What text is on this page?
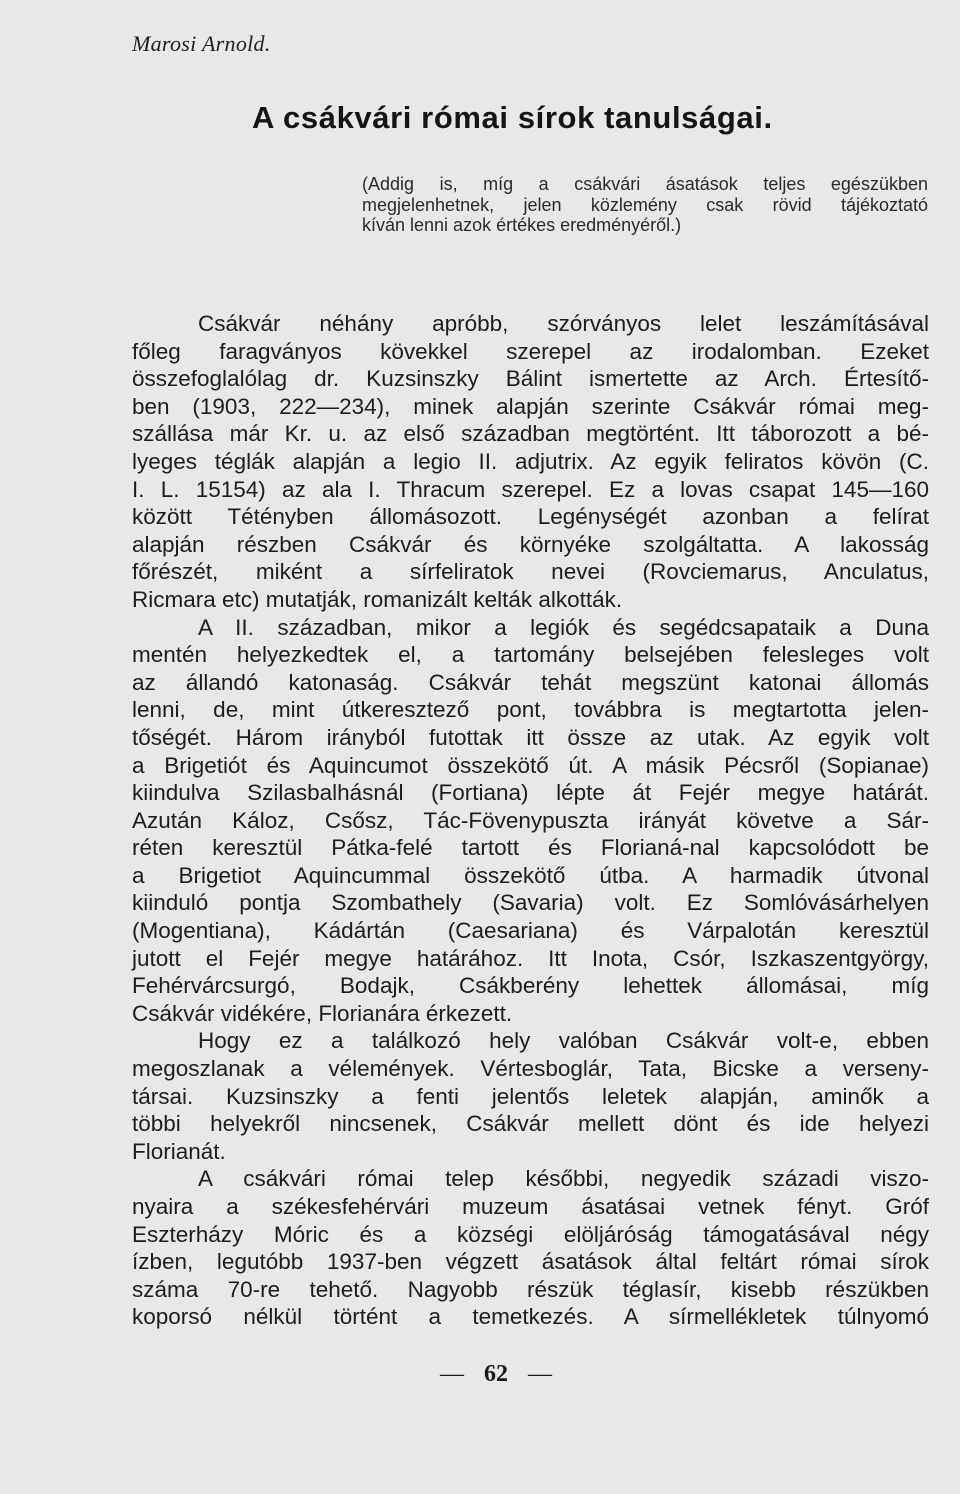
Marosi Arnold.
A csákvári római sírok tanulságai.
(Addig is, míg a csákvári ásatások teljes egészükben
megjelenhetnek, jelen közlemény csak rövid tájékoztató
kíván lenni azok értékes eredményéről.)
Csákvár néhány apróbb, szórványos lelet leszámításával
főleg faragványos kövekkel szerepel az irodalomban. Ezeket
összefoglalólag dr. Kuzsinszky Bálint ismertette az Arch. Értesítő-
ben (1903, 222—234), minek alapján szerinte Csákvár római meg-
szállása már Kr. u. az első században megtörtént. Itt táborozott a bé-
lyeges téglák alapján a legio II. adjutrix. Az egyik feliratos kövön (C.
I. L. 15154) az ala I. Thracum szerepel. Ez a lovas csapat 145—160
között Tétényben állomásozott. Legénységét azonban a felírat
alapján részben Csákvár és környéke szolgáltatta. A lakosság
főrészét, miként a sírfeliratok nevei (Rovciemarus, Anculatus,
Ricmara etc) mutatják, romanizált kelták alkották.
A II. században, mikor a legiók és segédcsapataik a Duna
mentén helyezkedtek el, a tartomány belsejében felesleges volt
az állandó katonaság. Csákvár tehát megszünt katonai állomás
lenni, de, mint útkeresztező pont, továbbra is megtartotta jelen-
tőségét. Három irányból futottak itt össze az utak. Az egyik volt
a Brigetiót és Aquincumot összekötő út. A másik Pécsről (Sopianae)
kiindulva Szilasbalhásnál (Fortiana) lépte át Fejér megye határát.
Azután Káloz, Csősz, Tác-Fövenypuszta irányát követve a Sár-
réten keresztül Pátka-felé tartott és Florianá-nal kapcsolódott be
a Brigetiot Aquincummal összekötő útba. A harmadik útvonal
kiinduló pontja Szombathely (Savaria) volt. Ez Somlóvásárhelyen
(Mogentiana), Kádártán (Caesariana) és Várpalotán keresztül
jutott el Fejér megye határához. Itt Inota, Csór, Iszkaszentgyörgy,
Fehérvárcsurgó, Bodajk, Csákberény lehettek állomásai, míg
Csákvár vidékére, Florianára érkezett.
Hogy ez a találkozó hely valóban Csákvár volt-e, ebben
megoszlanak a vélemények. Vértesboglár, Tata, Bicske a verseny-
társai. Kuzsinszky a fenti jelentős leletek alapján, aminők a
többi helyekről nincsenek, Csákvár mellett dönt és ide helyezi
Florianát.
A csákvári római telep későbbi, negyedik századi viszo-
nyaira a székesfehérvári muzeum ásatásai vetnek fényt. Gróf
Eszterházy Móric és a községi elöljáróság támogatásával négy
ízben, legutóbb 1937-ben végzett ásatások által feltárt római sírok
száma 70-re tehető. Nagyobb részük téglasír, kisebb részükben
koporsó nélkül történt a temetkezés. A sírmellékletek túlnyomó
— 62 —
